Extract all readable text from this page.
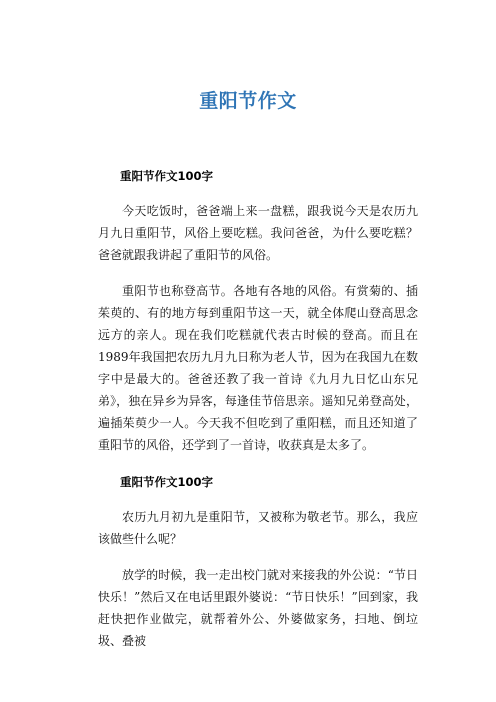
重阳节作文
重阳节作文100字

今天吃饭时，爸爸端上来一盘糕，跟我说今天是农历九月九日重阳节，风俗上要吃糕。我问爸爸，为什么要吃糕？爸爸就跟我讲起了重阳节的风俗。

重阳节也称登高节。各地有各地的风俗。有赏菊的、插茱萸的、有的地方每到重阳节这一天，就全体爬山登高思念远方的亲人。现在我们吃糕就代表古时候的登高。而且在1989年我国把农历九月九日称为老人节，因为在我国九在数字中是最大的。爸爸还教了我一首诗《九月九日忆山东兄弟》，独在异乡为异客，每逢佳节倍思亲。遥知兄弟登高处，遍插茱萸少一人。今天我不但吃到了重阳糕，而且还知道了重阳节的风俗，还学到了一首诗，收获真是太多了。

重阳节作文100字

农历九月初九是重阳节，又被称为敬老节。那么，我应该做些什么呢？

放学的时候，我一走出校门就对来接我的外公说：“节日快乐！”然后又在电话里跟外婆说：“节日快乐！”回到家，我赶快把作业做完，就帮着外公、外婆做家务，扫地、倒垃圾、叠被
